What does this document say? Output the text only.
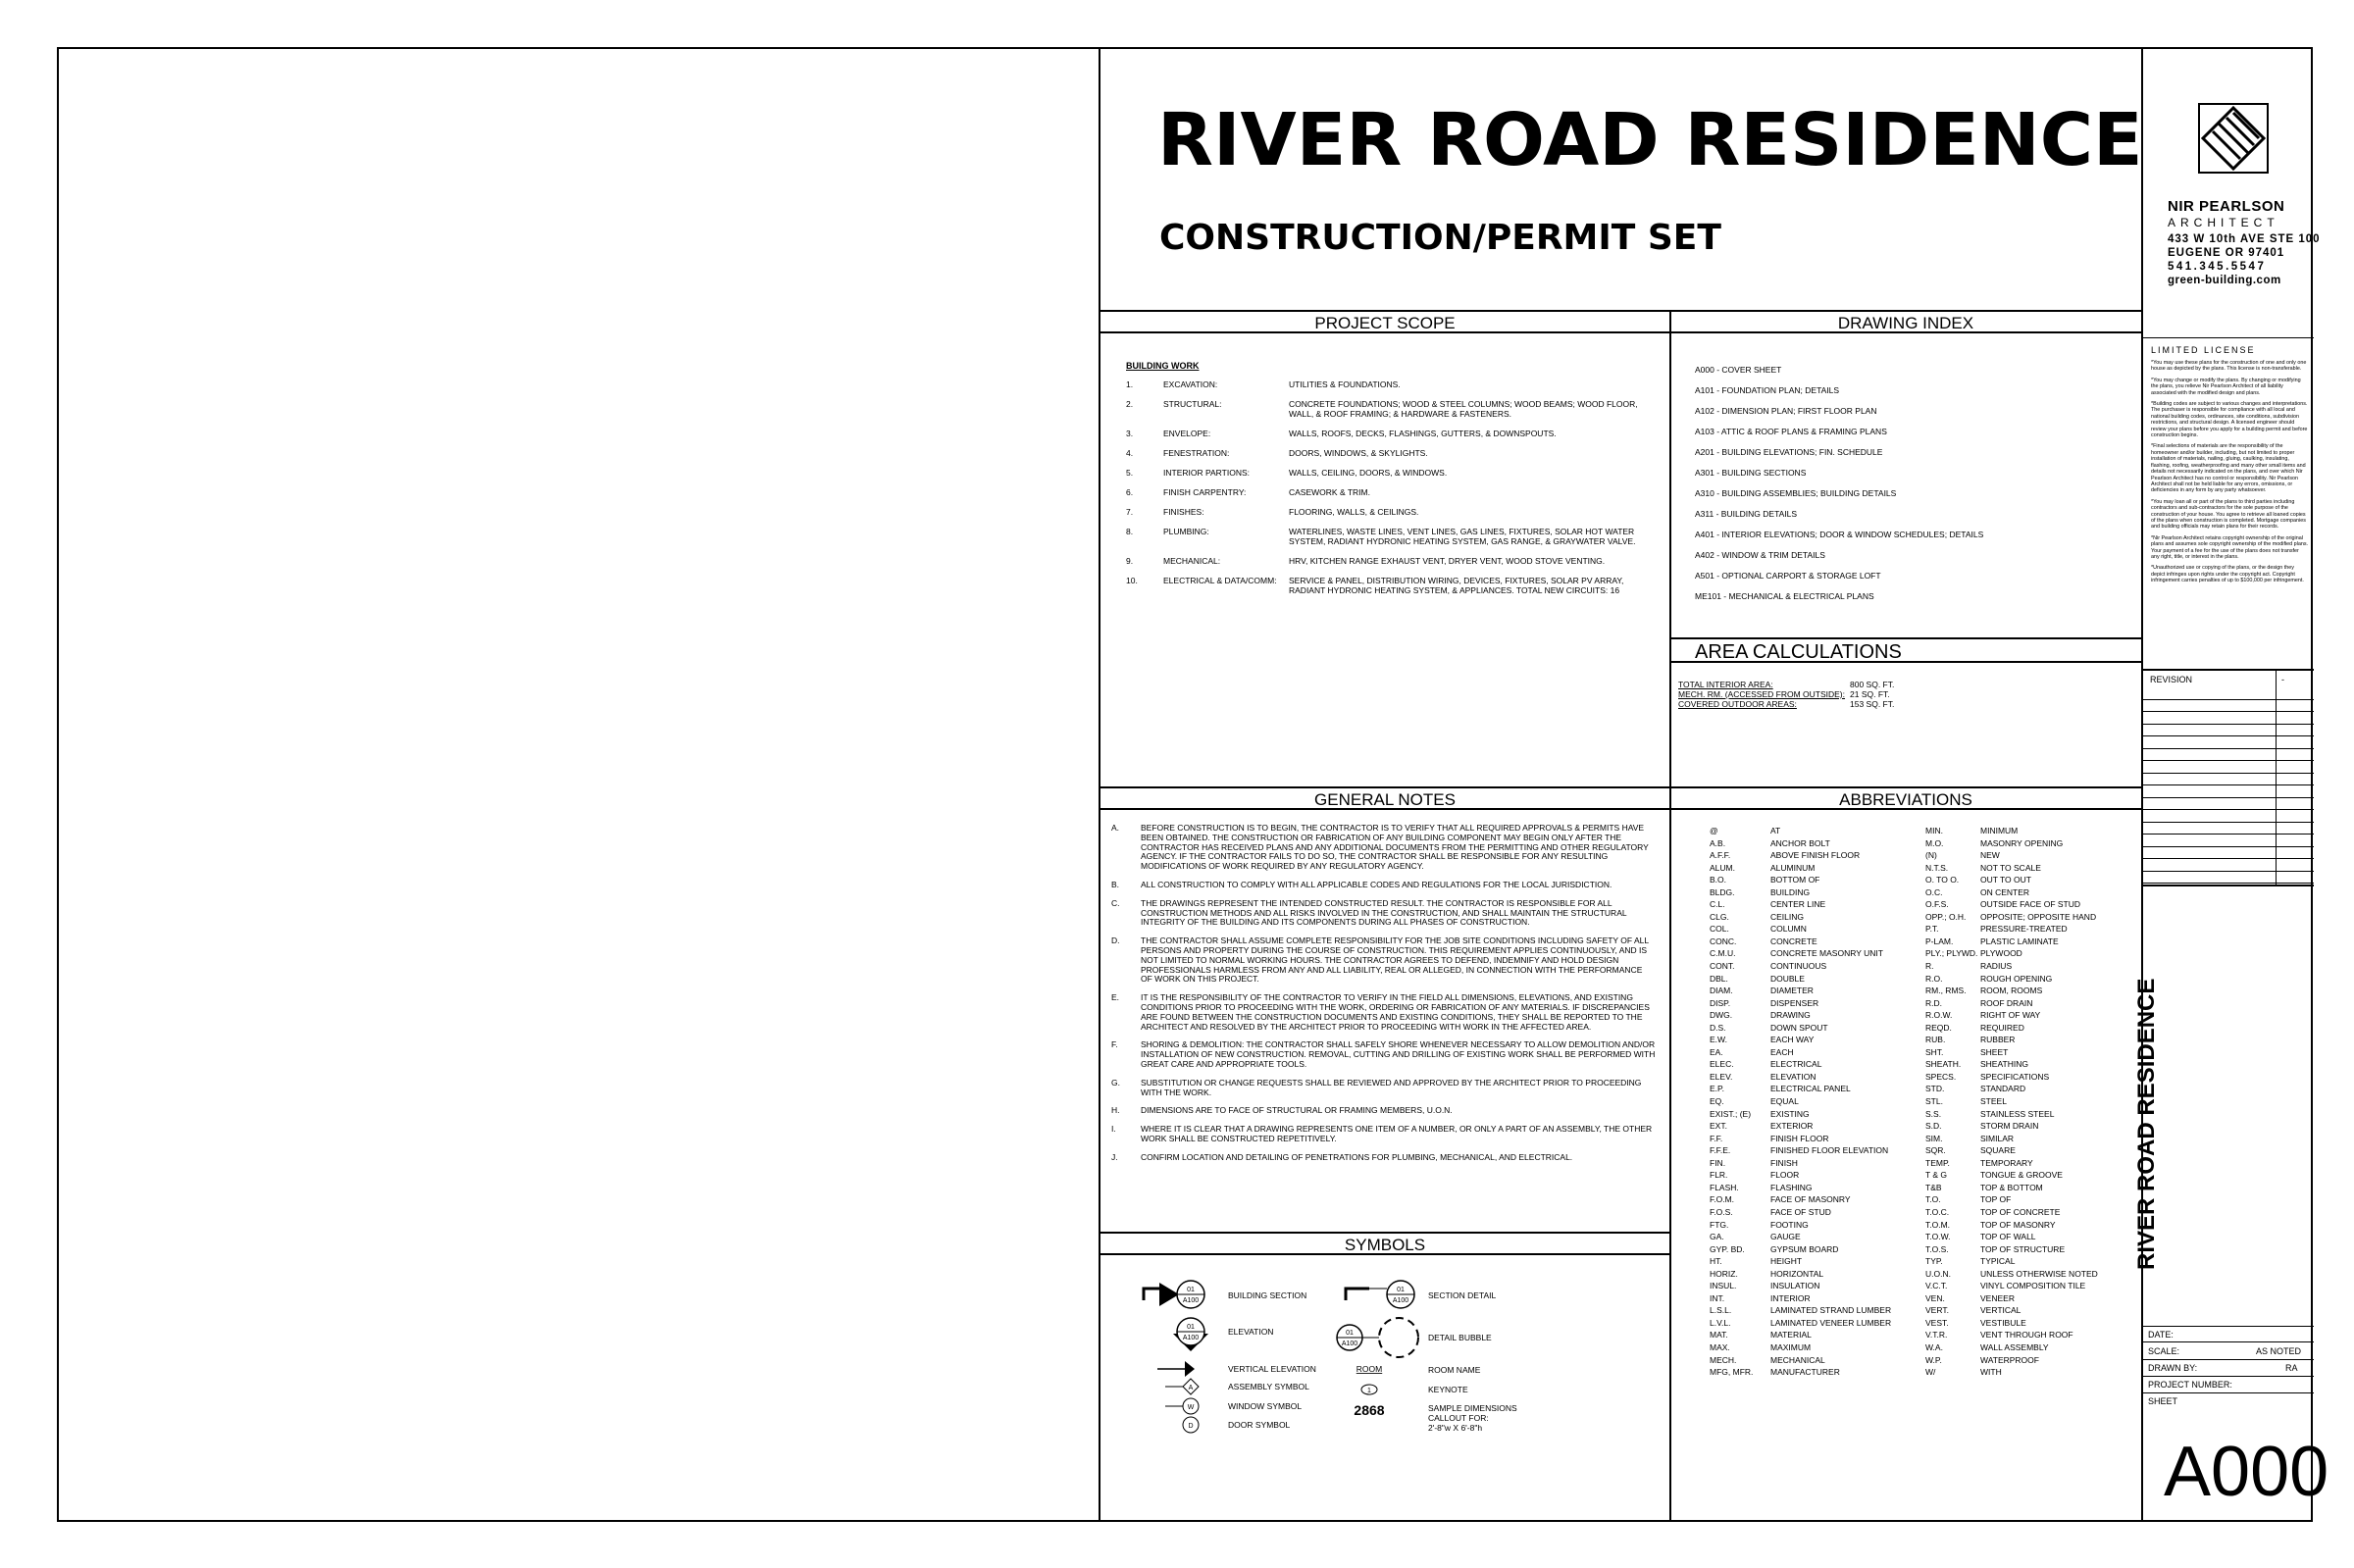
RIVER ROAD RESIDENCE
CONSTRUCTION/PERMIT SET
PROJECT SCOPE	DRAWING INDEX
AREA CALCULATIONS
GENERAL NOTES	ABBREVIATIONS
SYMBOLS
BUILDING WORK
1.	EXCAVATION:	UTILITIES & FOUNDATIONS.
2.	STRUCTURAL:	CONCRETE FOUNDATIONS; WOOD & STEEL COLUMNS; WOOD BEAMS; WOOD FLOOR, WALL, & ROOF FRAMING; & HARDWARE & FASTENERS.
3.	ENVELOPE:	WALLS, ROOFS, DECKS, FLASHINGS, GUTTERS, & DOWNSPOUTS.
4.	FENESTRATION:	DOORS, WINDOWS, & SKYLIGHTS.
5.	INTERIOR PARTIONS:	WALLS, CEILING, DOORS, & WINDOWS.
6.	FINISH CARPENTRY:	CASEWORK & TRIM.
7.	FINISHES:	FLOORING, WALLS, & CEILINGS.
8.	PLUMBING:	WATERLINES, WASTE LINES, VENT LINES, GAS LINES, FIXTURES, SOLAR HOT WATER SYSTEM, RADIANT HYDRONIC HEATING SYSTEM, GAS RANGE, & GRAYWATER VALVE.
9.	MECHANICAL:	HRV, KITCHEN RANGE EXHAUST VENT, DRYER VENT, WOOD STOVE VENTING.
10.	ELECTRICAL & DATA/COMM:	SERVICE & PANEL, DISTRIBUTION WIRING, DEVICES, FIXTURES, SOLAR PV ARRAY, RADIANT HYDRONIC HEATING SYSTEM, & APPLIANCES. TOTAL NEW CIRCUITS: 16
A000 - COVER SHEET
A101 - FOUNDATION PLAN; DETAILS
A102 - DIMENSION PLAN; FIRST FLOOR PLAN
A103 - ATTIC & ROOF PLANS & FRAMING PLANS
A201 - BUILDING ELEVATIONS; FIN. SCHEDULE
A301 - BUILDING SECTIONS
A310 - BUILDING ASSEMBLIES; BUILDING DETAILS
A311 - BUILDING DETAILS
A401 - INTERIOR ELEVATIONS; DOOR & WINDOW SCHEDULES; DETAILS
A402 - WINDOW & TRIM DETAILS
A501 - OPTIONAL CARPORT & STORAGE LOFT
ME101 - MECHANICAL & ELECTRICAL PLANS
TOTAL INTERIOR AREA:	800 SQ. FT.
MECH. RM. (ACCESSED FROM OUTSIDE): 21 SQ. FT.
COVERED OUTDOOR AREAS:	153 SQ. FT.
A.	BEFORE CONSTRUCTION IS TO BEGIN, THE CONTRACTOR IS TO VERIFY THAT ALL REQUIRED APPROVALS & PERMITS HAVE BEEN OBTAINED. THE CONSTRUCTION OR FABRICATION OF ANY BUILDING COMPONENT MAY BEGIN ONLY AFTER THE CONTRACTOR HAS RECEIVED PLANS AND ANY ADDITIONAL DOCUMENTS FROM THE PERMITTING AND OTHER REGULATORY AGENCY. IF THE CONTRACTOR FAILS TO DO SO, THE CONTRACTOR SHALL BE RESPONSIBLE FOR ANY RESULTING MODIFICATIONS OF WORK REQUIRED BY ANY REGULATORY AGENCY.
B.	ALL CONSTRUCTION TO COMPLY WITH ALL APPLICABLE CODES AND REGULATIONS FOR THE LOCAL JURISDICTION.
C.	THE DRAWINGS REPRESENT THE INTENDED CONSTRUCTED RESULT. THE CONTRACTOR IS RESPONSIBLE FOR ALL CONSTRUCTION METHODS AND ALL RISKS INVOLVED IN THE CONSTRUCTION, AND SHALL MAINTAIN THE STRUCTURAL INTEGRITY OF THE BUILDING AND ITS COMPONENTS DURING ALL PHASES OF CONSTRUCTION.
D.	THE CONTRACTOR SHALL ASSUME COMPLETE RESPONSIBILITY FOR THE JOB SITE CONDITIONS INCLUDING SAFETY OF ALL PERSONS AND PROPERTY DURING THE COURSE OF CONSTRUCTION. THIS REQUIREMENT APPLIES CONTINUOUSLY, AND IS NOT LIMITED TO NORMAL WORKING HOURS. THE CONTRACTOR AGREES TO DEFEND, INDEMNIFY AND HOLD DESIGN PROFESSIONALS HARMLESS FROM ANY AND ALL LIABILITY, REAL OR ALLEGED, IN CONNECTION WITH THE PERFORMANCE OF WORK ON THIS PROJECT.
E.	IT IS THE RESPONSIBILITY OF THE CONTRACTOR TO VERIFY IN THE FIELD ALL DIMENSIONS, ELEVATIONS, AND EXISTING CONDITIONS PRIOR TO PROCEEDING WITH THE WORK, ORDERING OR FABRICATION OF ANY MATERIALS. IF DISCREPANCIES ARE FOUND BETWEEN THE CONSTRUCTION DOCUMENTS AND EXISTING CONDITIONS, THEY SHALL BE REPORTED TO THE ARCHITECT AND RESOLVED BY THE ARCHITECT PRIOR TO PROCEEDING WITH WORK IN THE AFFECTED AREA.
F.	SHORING & DEMOLITION: THE CONTRACTOR SHALL SAFELY SHORE WHENEVER NECESSARY TO ALLOW DEMOLITION AND/OR INSTALLATION OF NEW CONSTRUCTION. REMOVAL, CUTTING AND DRILLING OF EXISTING WORK SHALL BE PERFORMED WITH GREAT CARE AND APPROPRIATE TOOLS.
G.	SUBSTITUTION OR CHANGE REQUESTS SHALL BE REVIEWED AND APPROVED BY THE ARCHITECT PRIOR TO PROCEEDING WITH THE WORK.
H.	DIMENSIONS ARE TO FACE OF STRUCTURAL OR FRAMING MEMBERS, U.O.N.
I.	WHERE IT IS CLEAR THAT A DRAWING REPRESENTS ONE ITEM OF A NUMBER, OR ONLY A PART OF AN ASSEMBLY, THE OTHER WORK SHALL BE CONSTRUCTED REPETITIVELY.
J.	CONFIRM LOCATION AND DETAILING OF PENETRATIONS FOR PLUMBING, MECHANICAL, AND ELECTRICAL.
@	AT
A.B.	ANCHOR BOLT
A.F.F.	ABOVE FINISH FLOOR
ALUM.	ALUMINUM
B.O.	BOTTOM OF
BLDG.	BUILDING
C.L.	CENTER LINE
CLG.	CEILING
COL.	COLUMN
CONC.	CONCRETE
C.M.U.	CONCRETE MASONRY UNIT
CONT.	CONTINUOUS
DBL.	DOUBLE
DIAM.	DIAMETER
DISP.	DISPENSER
DWG.	DRAWING
D.S.	DOWN SPOUT
E.W.	EACH WAY
EA.	EACH
ELEC.	ELECTRICAL
ELEV.	ELEVATION
E.P.	ELECTRICAL PANEL
EQ.	EQUAL
EXIST.; (E)	EXISTING
EXT.	EXTERIOR
F.F.	FINISH FLOOR
F.F.E.	FINISHED FLOOR ELEVATION
FIN.	FINISH
FLR.	FLOOR
FLASH.	FLASHING
F.O.M.	FACE OF MASONRY
F.O.S.	FACE OF STUD
FTG.	FOOTING
GA.	GAUGE
GYP. BD.	GYPSUM BOARD
HT.	HEIGHT
HORIZ.	HORIZONTAL
INSUL.	INSULATION
INT.	INTERIOR
L.S.L.	LAMINATED STRAND LUMBER
L.V.L.	LAMINATED VENEER LUMBER
MAT.	MATERIAL
MAX.	MAXIMUM
MECH.	MECHANICAL
MFG, MFR.	MANUFACTURER
MIN.	MINIMUM
M.O.	MASONRY OPENING
(N)	NEW
N.T.S.	NOT TO SCALE
O. TO O.	OUT TO OUT
O.C.	ON CENTER
O.F.S.	OUTSIDE FACE OF STUD
OPP.; O.H.	OPPOSITE; OPPOSITE HAND
P.T.	PRESSURE-TREATED
P-LAM.	PLASTIC LAMINATE
PLY.; PLYWD. PLYWOOD
R.	RADIUS
R.O.	ROUGH OPENING
RM., RMS.	ROOM, ROOMS
R.D.	ROOF DRAIN
R.O.W.	RIGHT OF WAY
REQD.	REQUIRED
RUB.	RUBBER
SHT.	SHEET
SHEATH.	SHEATHING
SPECS.	SPECIFICATIONS
STD.	STANDARD
STL.	STEEL
S.S.	STAINLESS STEEL
S.D.	STORM DRAIN
SIM.	SIMILAR
SQR.	SQUARE
TEMP.	TEMPORARY
T & G	TONGUE & GROOVE
T&B	TOP & BOTTOM
T.O.	TOP OF
T.O.C.	TOP OF CONCRETE
T.O.M.	TOP OF MASONRY
T.O.W.	TOP OF WALL
T.O.S.	TOP OF STRUCTURE
TYP.	TYPICAL
U.O.N.	UNLESS OTHERWISE NOTED
V.C.T.	VINYL COMPOSITION TILE
VEN.	VENEER
VERT.	VERTICAL
VEST.	VESTIBULE
V.T.R.	VENT THROUGH ROOF
W.A.	WALL ASSEMBLY
W.P.	WATERPROOF
W/	WITH
01
A100
01
A100
A
W
D
01
A100
01
A100
ROOM
1
2868
BUILDING SECTION
ELEVATION
VERTICAL ELEVATION
ASSEMBLY SYMBOL
WINDOW SYMBOL
DOOR SYMBOL
SECTION DETAIL
DETAIL BUBBLE
ROOM NAME
KEYNOTE
SAMPLE DIMENSIONS
CALLOUT FOR:
2'-8"w X 6'-8"h
NIR PEARLSON
ARCHITECT
433 W 10th AVE STE 100
EUGENE OR 97401
541.345.5547
green-building.com
LIMITED LICENSE
*You may use these plans for the construction of one and only one house as depicted by the plans. This license is non-transferable.
*You may change or modify the plans. By changing or modifying the plans, you relieve Nir Pearlson Architect of all liability associated with the modified design and plans.
*Building codes are subject to various changes and interpretations. The purchaser is responsible for compliance with all local and national building codes, ordinances, site conditions, subdivision restrictions, and structural design. A licensed engineer should review your plans before you apply for a building permit and before construction begins.
*Final selections of materials are the responsibility of the homeowner and/or builder, including, but not limited to proper installation of materials, nailing, gluing, caulking, insulating, flashing, roofing, weatherproofing and many other small items and details not necessarily indicated on the plans, and over which Nir Pearlson Architect has no control or responsibility. Nir Pearlson Architect shall not be held liable for any errors, omissions, or deficiencies in any form by any party whatsoever.
*You may loan all or part of the plans to third parties including contractors and sub-contractors for the sole purpose of the construction of your house. You agree to retrieve all loaned copies of the plans when construction is completed. Mortgage companies and building officials may retain plans for their records.
*Nir Pearlson Architect retains copyright ownership of the original plans and assumes sole copyright ownership of the modified plans. Your payment of a fee for the use of the plans does not transfer any right, title, or interest in the plans.
*Unauthorized use or copying of the plans, or the design they depict infringes upon rights under the copyright act. Copyright infringement carries penalties of up to $100,000 per infringement.
REVISION	-
RIVER ROAD RESIDENCE
DATE:
SCALE:	AS NOTED
DRAWN BY:	RA
PROJECT NUMBER:
SHEET
A000
